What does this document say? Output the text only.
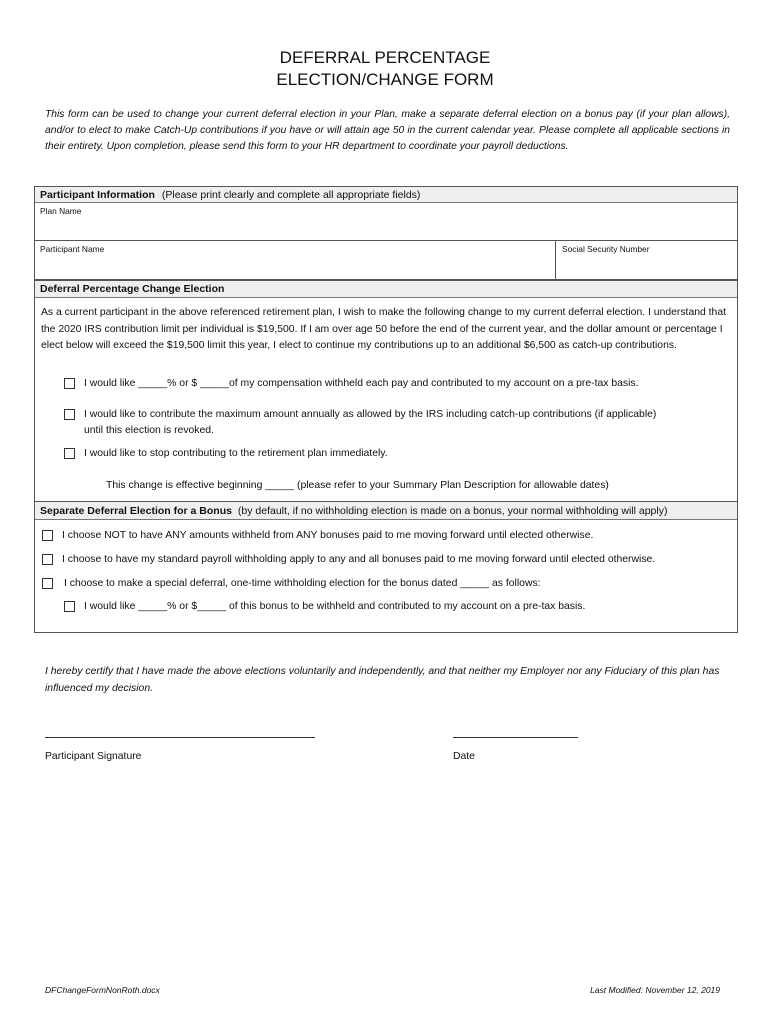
DEFERRAL PERCENTAGE
ELECTION/CHANGE FORM
This form can be used to change your current deferral election in your Plan, make a separate deferral election on a bonus pay (if your plan allows), and/or to elect to make Catch-Up contributions if you have or will attain age 50 in the current calendar year. Please complete all applicable sections in their entirety. Upon completion, please send this form to your HR department to coordinate your payroll deductions.
Participant Information (Please print clearly and complete all appropriate fields)
Plan Name
Participant Name	Social Security Number
Deferral Percentage Change Election
As a current participant in the above referenced retirement plan, I wish to make the following change to my current deferral election. I understand that the 2020 IRS contribution limit per individual is $19,500. If I am over age 50 before the end of the current year, and the dollar amount or percentage I elect below will exceed the $19,500 limit this year, I elect to continue my contributions up to an additional $6,500 as catch-up contributions.
I would like _____% or $ _____of my compensation withheld each pay and contributed to my account on a pre-tax basis.
I would like to contribute the maximum amount annually as allowed by the IRS including catch-up contributions (if applicable)
until this election is revoked.
I would like to stop contributing to the retirement plan immediately.
This change is effective beginning _____ (please refer to your Summary Plan Description for allowable dates)
Separate Deferral Election for a Bonus (by default, if no withholding election is made on a bonus, your normal withholding will apply)
I choose NOT to have ANY amounts withheld from ANY bonuses paid to me moving forward until elected otherwise.
I choose to have my standard payroll withholding apply to any and all bonuses paid to me moving forward until elected otherwise.
I choose to make a special deferral, one-time withholding election for the bonus dated _____ as follows:
I would like _____% or $_____ of this bonus to be withheld and contributed to my account on a pre-tax basis.
I hereby certify that I have made the above elections voluntarily and independently, and that neither my Employer nor any Fiduciary of this plan has influenced my decision.
Participant Signature	Date
DFChangeFormNonRoth.docx	Last Modified: November 12, 2019
